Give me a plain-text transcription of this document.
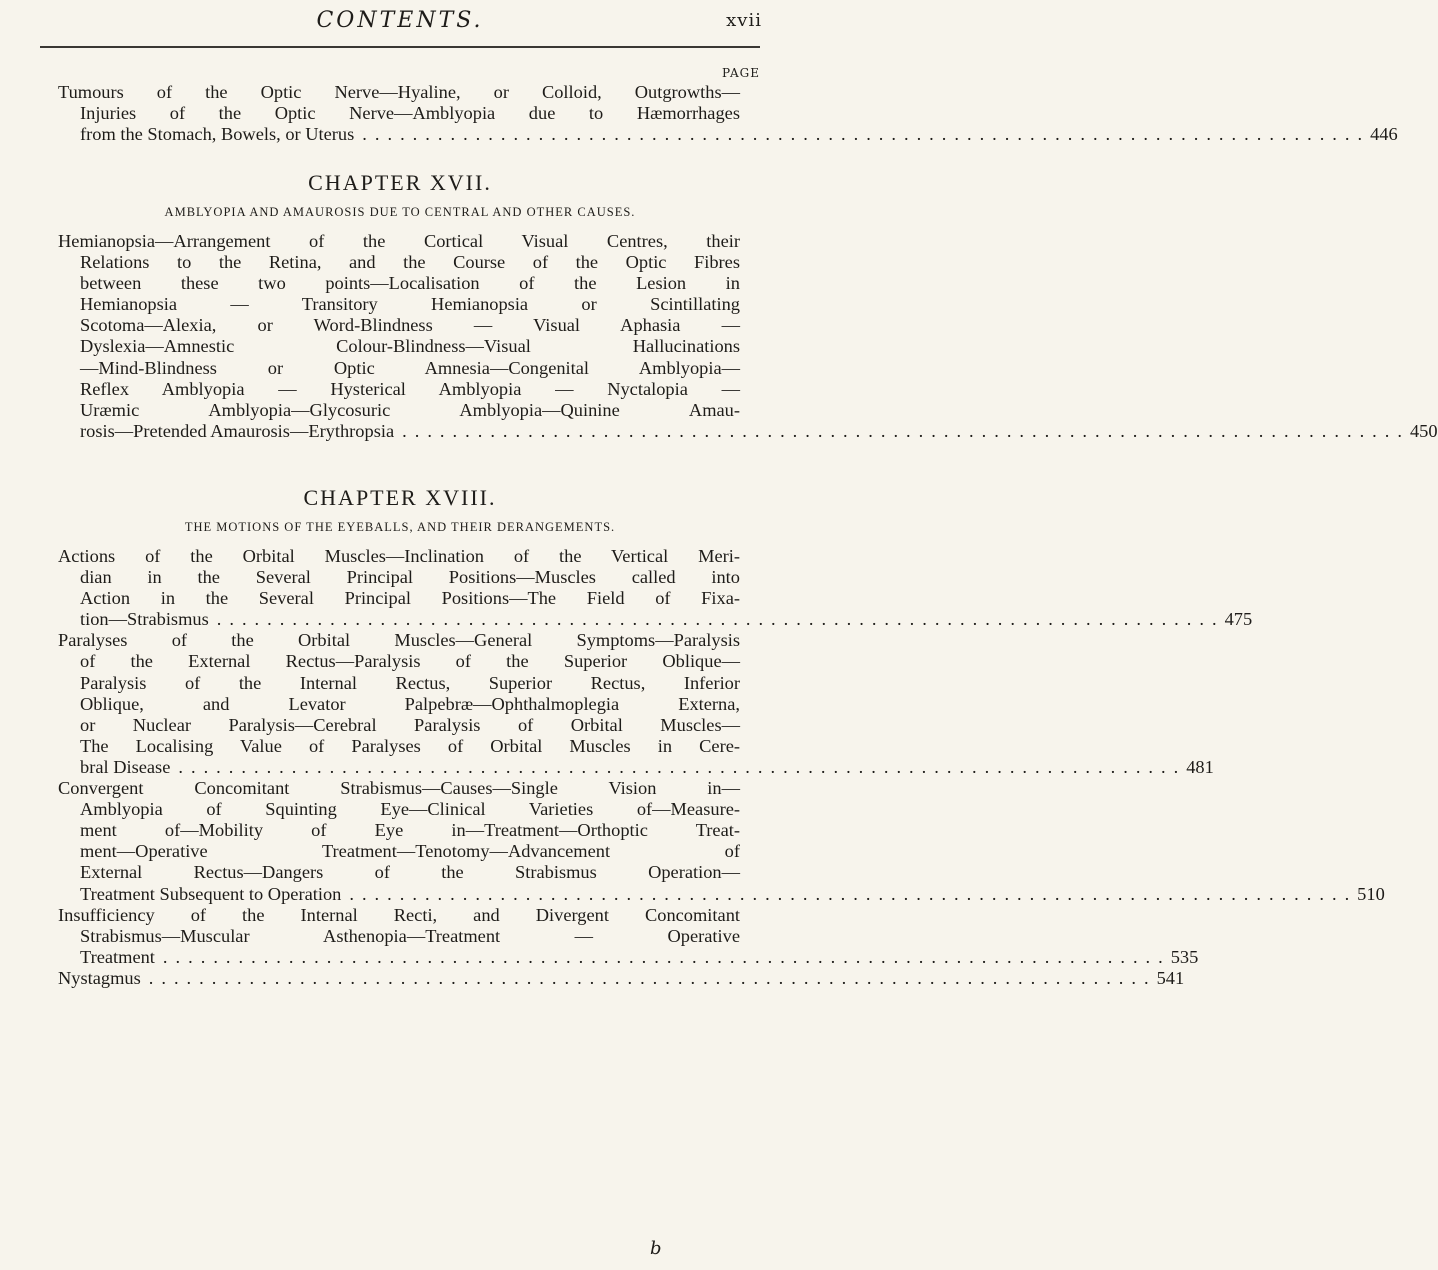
CONTENTS.	xvii
PAGE
Tumours of the Optic Nerve—Hyaline, or Colloid, Outgrowths—
Injuries of the Optic Nerve—Amblyopia due to Hæmorrhages
from the Stomach, Bowels, or Uterus ................................................................................ 446
CHAPTER XVII.
AMBLYOPIA AND AMAUROSIS DUE TO CENTRAL AND OTHER CAUSES.
Hemianopsia—Arrangement of the Cortical Visual Centres, their
Relations to the Retina, and the Course of the Optic Fibres
between these two points—Localisation of the Lesion in
Hemianopsia — Transitory Hemianopsia or Scintillating
Scotoma—Alexia, or Word-Blindness — Visual Aphasia —
Dyslexia—Amnestic Colour-Blindness—Visual Hallucinations
—Mind-Blindness or Optic Amnesia—Congenital Amblyopia—
Reflex Amblyopia — Hysterical Amblyopia — Nyctalopia —
Uræmic Amblyopia—Glycosuric Amblyopia—Quinine Amau-
rosis—Pretended Amaurosis—Erythropsia ................................................................................ 450
CHAPTER XVIII.
THE MOTIONS OF THE EYEBALLS, AND THEIR DERANGEMENTS.
Actions of the Orbital Muscles—Inclination of the Vertical Meri-
dian in the Several Principal Positions—Muscles called into
Action in the Several Principal Positions—The Field of Fixa-
tion—Strabismus ................................................................................ 475
Paralyses of the Orbital Muscles—General Symptoms—Paralysis
of the External Rectus—Paralysis of the Superior Oblique—
Paralysis of the Internal Rectus, Superior Rectus, Inferior
Oblique, and Levator Palpebræ—Ophthalmoplegia Externa,
or Nuclear Paralysis—Cerebral Paralysis of Orbital Muscles—
The Localising Value of Paralyses of Orbital Muscles in Cere-
bral Disease ................................................................................ 481
Convergent Concomitant Strabismus—Causes—Single Vision in—
Amblyopia of Squinting Eye—Clinical Varieties of—Measure-
ment of—Mobility of Eye in—Treatment—Orthoptic Treat-
ment—Operative Treatment—Tenotomy—Advancement of
External Rectus—Dangers of the Strabismus Operation—
Treatment Subsequent to Operation ................................................................................ 510
Insufficiency of the Internal Recti, and Divergent Concomitant
Strabismus—Muscular Asthenopia—Treatment — Operative
Treatment ................................................................................ 535
Nystagmus ................................................................................ 541
b
